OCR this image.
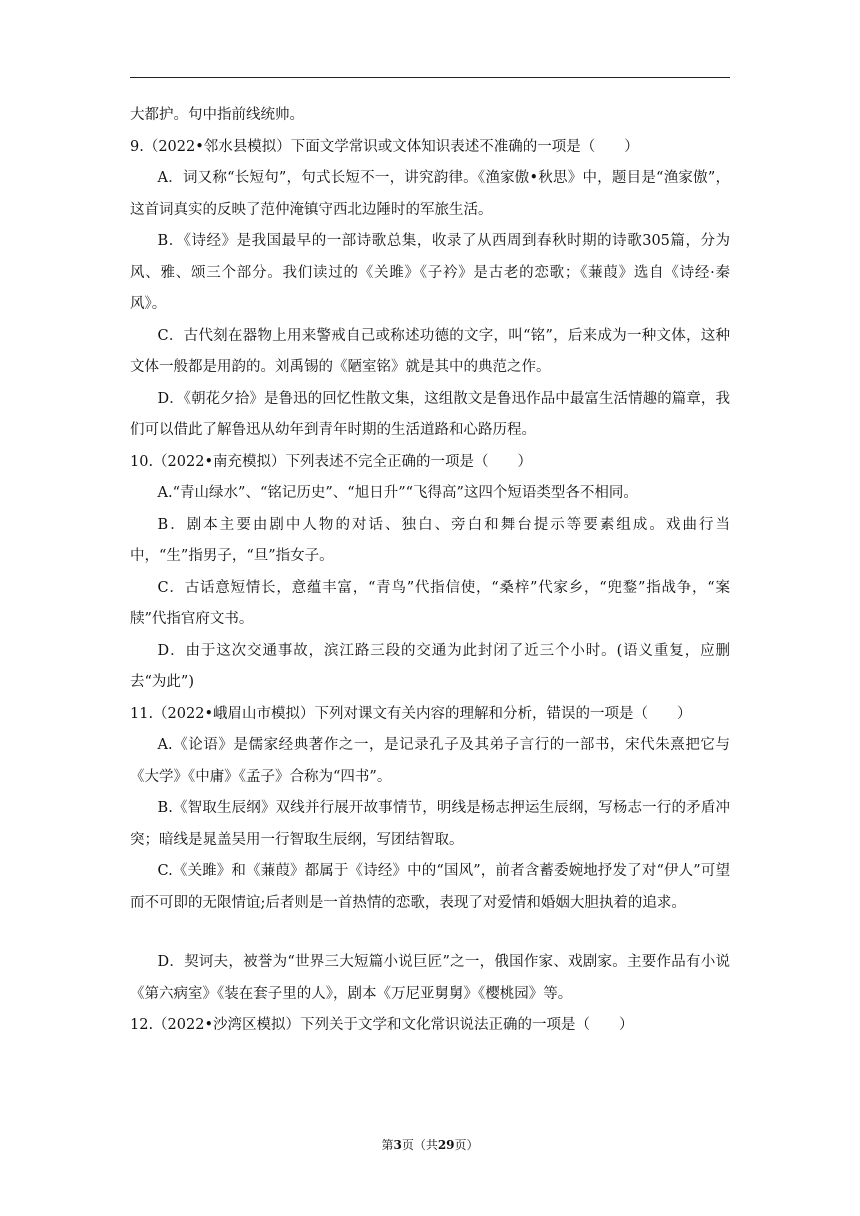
大都护。句中指前线统帅。

9.（2022•邻水县模拟）下面文学常识或文体知识表述不准确的一项是（　　）

A．词又称“长短句”，句式长短不一，讲究韵律。《渔家傲•秋思》中，题目是“渔家傲”，这首词真实的反映了范仲淹镇守西北边陲时的军旅生活。

B．《诗经》是我国最早的一部诗歌总集，收录了从西周到春秋时期的诗歌305篇，分为风、雅、颂三个部分。我们读过的《关雎》《子衿》是古老的恋歌；《蒹葭》选自《诗经·秦风》。

C．古代刻在器物上用来警戒自己或称述功德的文字，叫“铭”，后来成为一种文体，这种文体一般都是用韵的。刘禹锡的《陋室铭》就是其中的典范之作。

D．《朝花夕拾》是鲁迅的回忆性散文集，这组散文是鲁迅作品中最富生活情趣的篇章，我们可以借此了解鲁迅从幼年到青年时期的生活道路和心路历程。

10.（2022•南充模拟）下列表述不完全正确的一项是（　　）

A.“青山绿水”、“铭记历史”、“旭日升”“飞得高”这四个短语类型各不相同。

B．剧本主要由剧中人物的对话、独白、旁白和舞台提示等要素组成。戏曲行当中，“生”指男子，“旦”指女子。

C．古话意短情长，意蕴丰富，“青鸟”代指信使，“桑梓”代家乡，“兜鍪”指战争，“案牍”代指官府文书。

D．由于这次交通事故，滨江路三段的交通为此封闭了近三个小时。(语义重复，应删去“为此”)

11.（2022•峨眉山市模拟）下列对课文有关内容的理解和分析，错误的一项是（　　）

A.《论语》是儒家经典著作之一，是记录孔子及其弟子言行的一部书，宋代朱熹把它与《大学》《中庸》《孟子》合称为“四书”。

B.《智取生辰纲》双线并行展开故事情节，明线是杨志押运生辰纲，写杨志一行的矛盾冲突；暗线是晁盖吴用一行智取生辰纲，写团结智取。

C.《关雎》和《蒹葭》都属于《诗经》中的“国风”，前者含蓄委婉地抒发了对“伊人”可望而不可即的无限情谊;后者则是一首热情的恋歌，表现了对爱情和婚姻大胆执着的追求。

D．契诃夫，被誉为“世界三大短篇小说巨匠”之一，俄国作家、戏剧家。主要作品有小说《第六病室》《装在套子里的人》，剧本《万尼亚舅舅》《樱桃园》等。

12.（2022•沙湾区模拟）下列关于文学和文化常识说法正确的一项是（　　）

第3页（共29页）
